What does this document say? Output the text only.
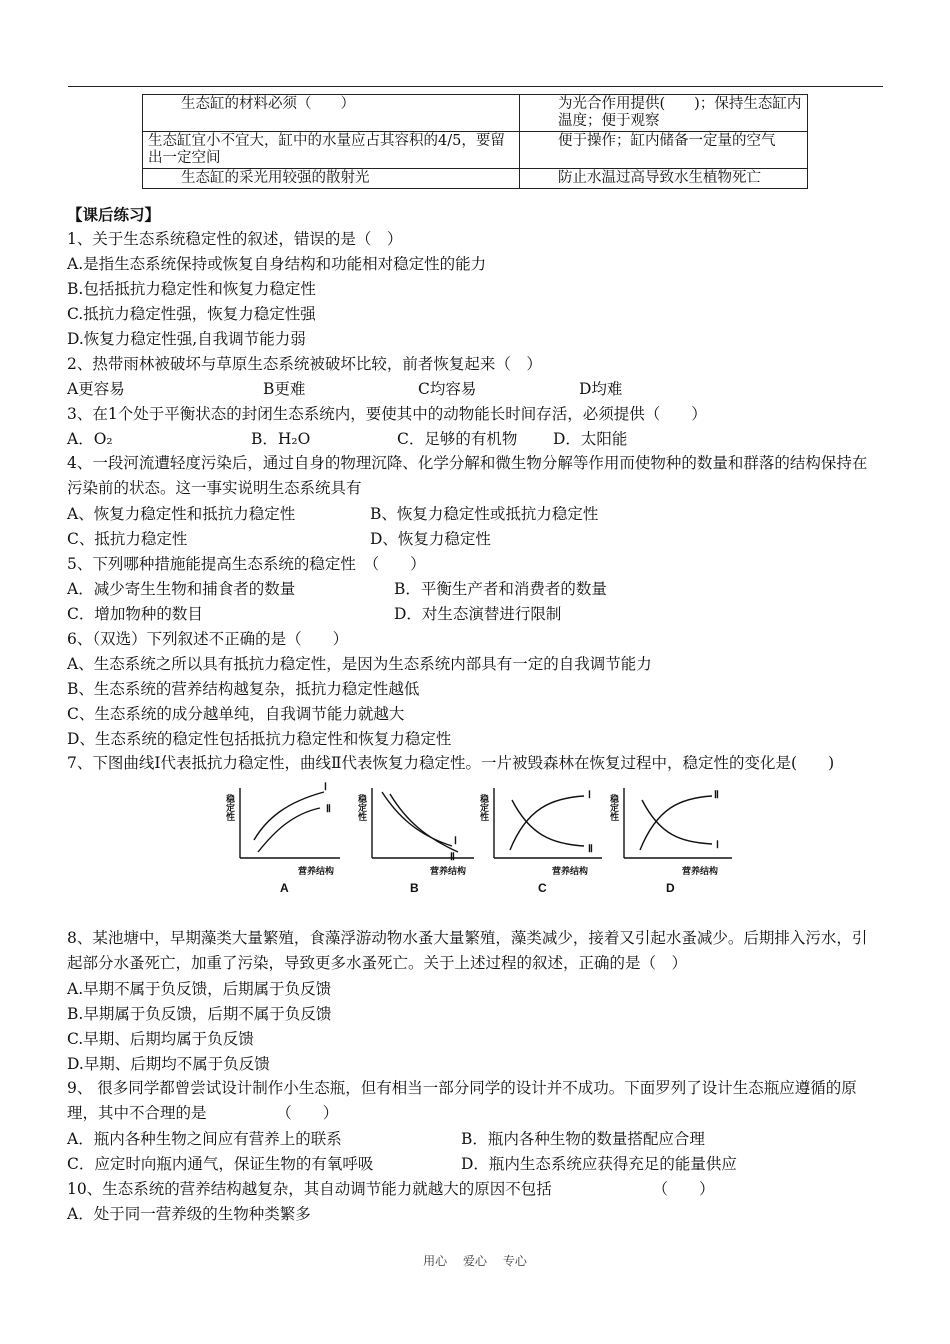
生态缸的材料必须（　　）	为光合作用提供(　　)；保持生态缸内温度；便于观察
生态缸宜小不宜大，缸中的水量应占其容积的4/5，要留出一定空间	便于操作；缸内储备一定量的空气
生态缸的采光用较强的散射光	防止水温过高导致水生植物死亡
【课后练习】
1、关于生态系统稳定性的叙述，错误的是（　）
A.是指生态系统保持或恢复自身结构和功能相对稳定性的能力
B.包括抵抗力稳定性和恢复力稳定性
C.抵抗力稳定性强，恢复力稳定性强
D.恢复力稳定性强,自我调节能力弱
2、热带雨林被破坏与草原生态系统被破坏比较，前者恢复起来（　）
A更容易	B更难	C均容易	D均难
3、在1个处于平衡状态的封闭生态系统内，要使其中的动物能长时间存活，必须提供（　　）
A．O₂	B．H₂O	C．足够的有机物 D．太阳能
4、一段河流遭轻度污染后，通过自身的物理沉降、化学分解和微生物分解等作用而使物种的数量和群落的结构保持在污染前的状态。这一事实说明生态系统具有
A、恢复力稳定性和抵抗力稳定性	B、恢复力稳定性或抵抗力稳定性
C、抵抗力稳定性	D、恢复力稳定性
5、下列哪种措施能提高生态系统的稳定性　（　　）
A．减少寄生生物和捕食者的数量	B．平衡生产者和消费者的数量
C．增加物种的数目	D．对生态演替进行限制
6、（双选）下列叙述不正确的是（　　）
A、生态系统之所以具有抵抗力稳定性，是因为生态系统内部具有一定的自我调节能力
B、生态系统的营养结构越复杂，抵抗力稳定性越低
C、生态系统的成分越单纯，自我调节能力就越大
D、生态系统的稳定性包括抵抗力稳定性和恢复力稳定性
7、下图曲线Ⅰ代表抵抗力稳定性，曲线Ⅱ代表恢复力稳定性。一片被毁森林在恢复过程中，稳定性的变化是(　　)
稳定性	稳定性	稳定性	稳定性
营养结构	营养结构	营养结构	营养结构
Ⅰ
Ⅱ
Ⅰ
Ⅱ
Ⅰ
Ⅱ
Ⅱ
Ⅰ
A	B	C	D
8、某池塘中，早期藻类大量繁殖，食藻浮游动物水蚤大量繁殖，藻类减少，接着又引起水蚤减少。后期排入污水，引起部分水蚤死亡，加重了污染，导致更多水蚤死亡。关于上述过程的叙述，正确的是（　）
A.早期不属于负反馈，后期属于负反馈
B.早期属于负反馈，后期不属于负反馈
C.早期、后期均属于负反馈
D.早期、后期均不属于负反馈
9、 很多同学都曾尝试设计制作小生态瓶，但有相当一部分同学的设计并不成功。下面罗列了设计生态瓶应遵循的原理，其中不合理的是　　　　　（　　）
A．瓶内各种生物之间应有营养上的联系	B．瓶内各种生物的数量搭配应合理
C．应定时向瓶内通气，保证生物的有氧呼吸	D．瓶内生态系统应获得充足的能量供应
10、生态系统的营养结构越复杂，其自动调节能力就越大的原因不包括　　　　　　　（　　）
A．处于同一营养级的生物种类繁多
用心 爱心 专心
